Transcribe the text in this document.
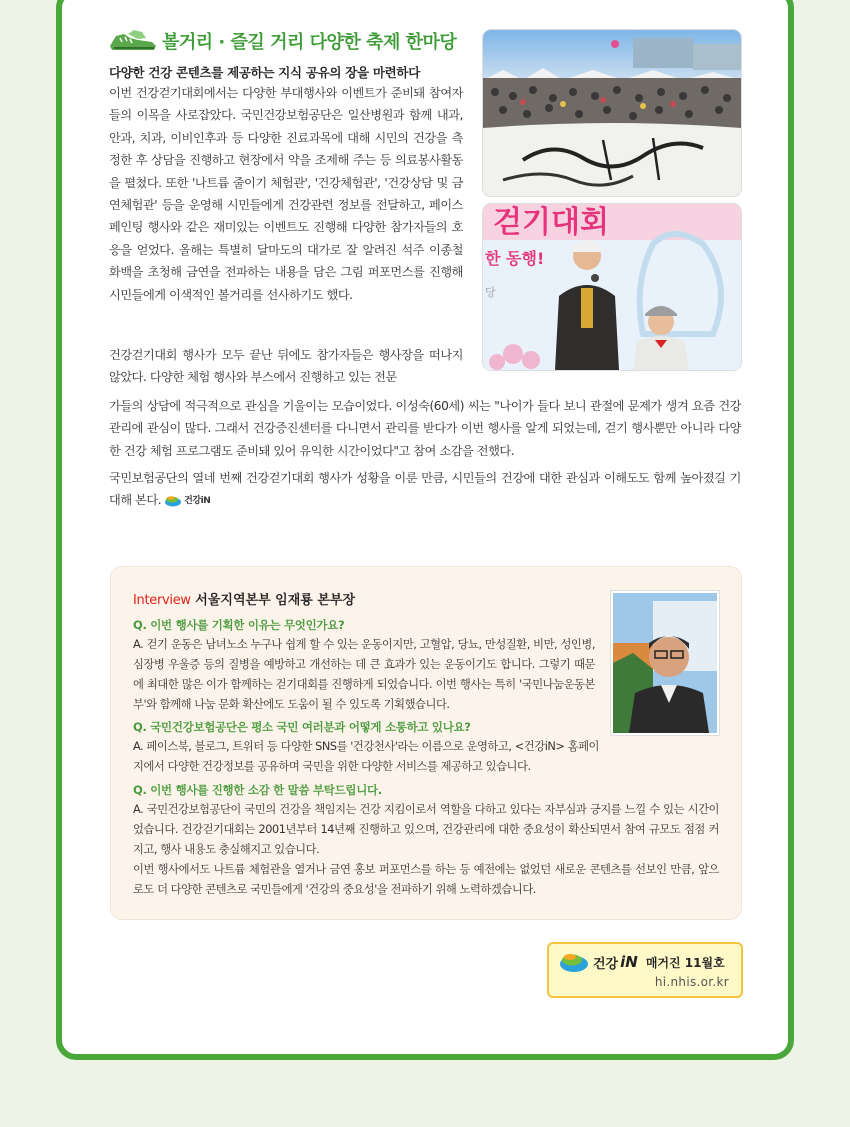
볼거리 · 즐길 거리 다양한 축제 한마당
다양한 건강 콘텐츠를 제공하는 지식 공유의 장을 마련하다

이번 건강걷기대회에서는 다양한 부대행사와 이벤트가 준비돼 참여자들의 이목을 사로잡았다. 국민건강보험공단은 일산병원과 함께 내과, 안과, 치과, 이비인후과 등 다양한 진료과목에 대해 시민의 건강을 측정한 후 상담을 진행하고 현장에서 약을 조제해 주는 등 의료봉사활동을 펼쳤다. 또한 '나트륨 줄이기 체험관', '건강체험관', '건강상담 및 금연체험관' 등을 운영해 시민들에게 건강관련 정보를 전달하고, 페이스페인팅 행사와 같은 재미있는 이벤트도 진행해 다양한 참가자들의 호응을 얻었다. 올해는 특별히 달마도의 대가로 잘 알려진 석주 이종철 화백을 초청해 금연을 전파하는 내용을 담은 그림 퍼포먼스를 진행해 시민들에게 이색적인 볼거리를 선사하기도 했다.

건강걷기대회 행사가 모두 끝난 뒤에도 참가자들은 행사장을 떠나지 않았다. 다양한 체험 행사와 부스에서 진행하고 있는 전문

가들의 상담에 적극적으로 관심을 기울이는 모습이었다. 이성숙(60세) 씨는 "나이가 들다 보니 관절에 문제가 생겨 요즘 건강관리에 관심이 많다. 그래서 건강증진센터를 다니면서 관리를 받다가 이번 행사를 알게 되었는데, 걷기 행사뿐만 아니라 다양한 건강 체험 프로그램도 준비돼 있어 유익한 시간이었다"고 참여 소감을 전했다.

국민보험공단의 열네 번째 건강걷기대회 행사가 성황을 이룬 만큼, 시민들의 건강에 대한 관심과 이해도도 함께 높아졌길 기대해 본다.	건강iN

걷기대회
한 동행!
당
Interview 서울지역본부 임재룡 본부장
Q. 이번 행사를 기획한 이유는 무엇인가요?

A. 걷기 운동은 남녀노소 누구나 쉽게 할 수 있는 운동이지만, 고혈압, 당뇨, 만성질환, 비만, 성인병, 심장병 우울증 등의 질병을 예방하고 개선하는 데 큰 효과가 있는 운동이기도 합니다. 그렇기 때문에 최대한 많은 이가 함께하는 걷기대회를 진행하게 되었습니다. 이번 행사는 특히 '국민나눔운동본부'와 함께해 나눔 문화 확산에도 도움이 될 수 있도록 기획했습니다.

Q. 국민건강보험공단은 평소 국민 여러분과 어떻게 소통하고 있나요?

A. 페이스북, 블로그, 트위터 등 다양한 SNS를 '건강천사'라는 이름으로 운영하고, <건강iN> 홈페이지에서 다양한 건강정보를 공유하며 국민을 위한 다양한 서비스를 제공하고 있습니다.

Q. 이번 행사를 진행한 소감 한 말씀 부탁드립니다.

A. 국민건강보험공단이 국민의 건강을 책임지는 건강 지킴이로서 역할을 다하고 있다는 자부심과 긍지를 느낄 수 있는 시간이었습니다. 건강걷기대회는 2001년부터 14년째 진행하고 있으며, 건강관리에 대한 중요성이 확산되면서 참여 규모도 점점 커지고, 행사 내용도 충실해지고 있습니다.

이번 행사에서도 나트륨 체험관을 열거나 금연 홍보 퍼포먼스를 하는 등 예전에는 없었던 새로운 콘텐츠를 선보인 만큼, 앞으로도 더 다양한 콘텐츠로 국민들에게 '건강의 중요성'을 전파하기 위해 노력하겠습니다.

건강 iN 매거진 11월호
hi.nhis.or.kr
